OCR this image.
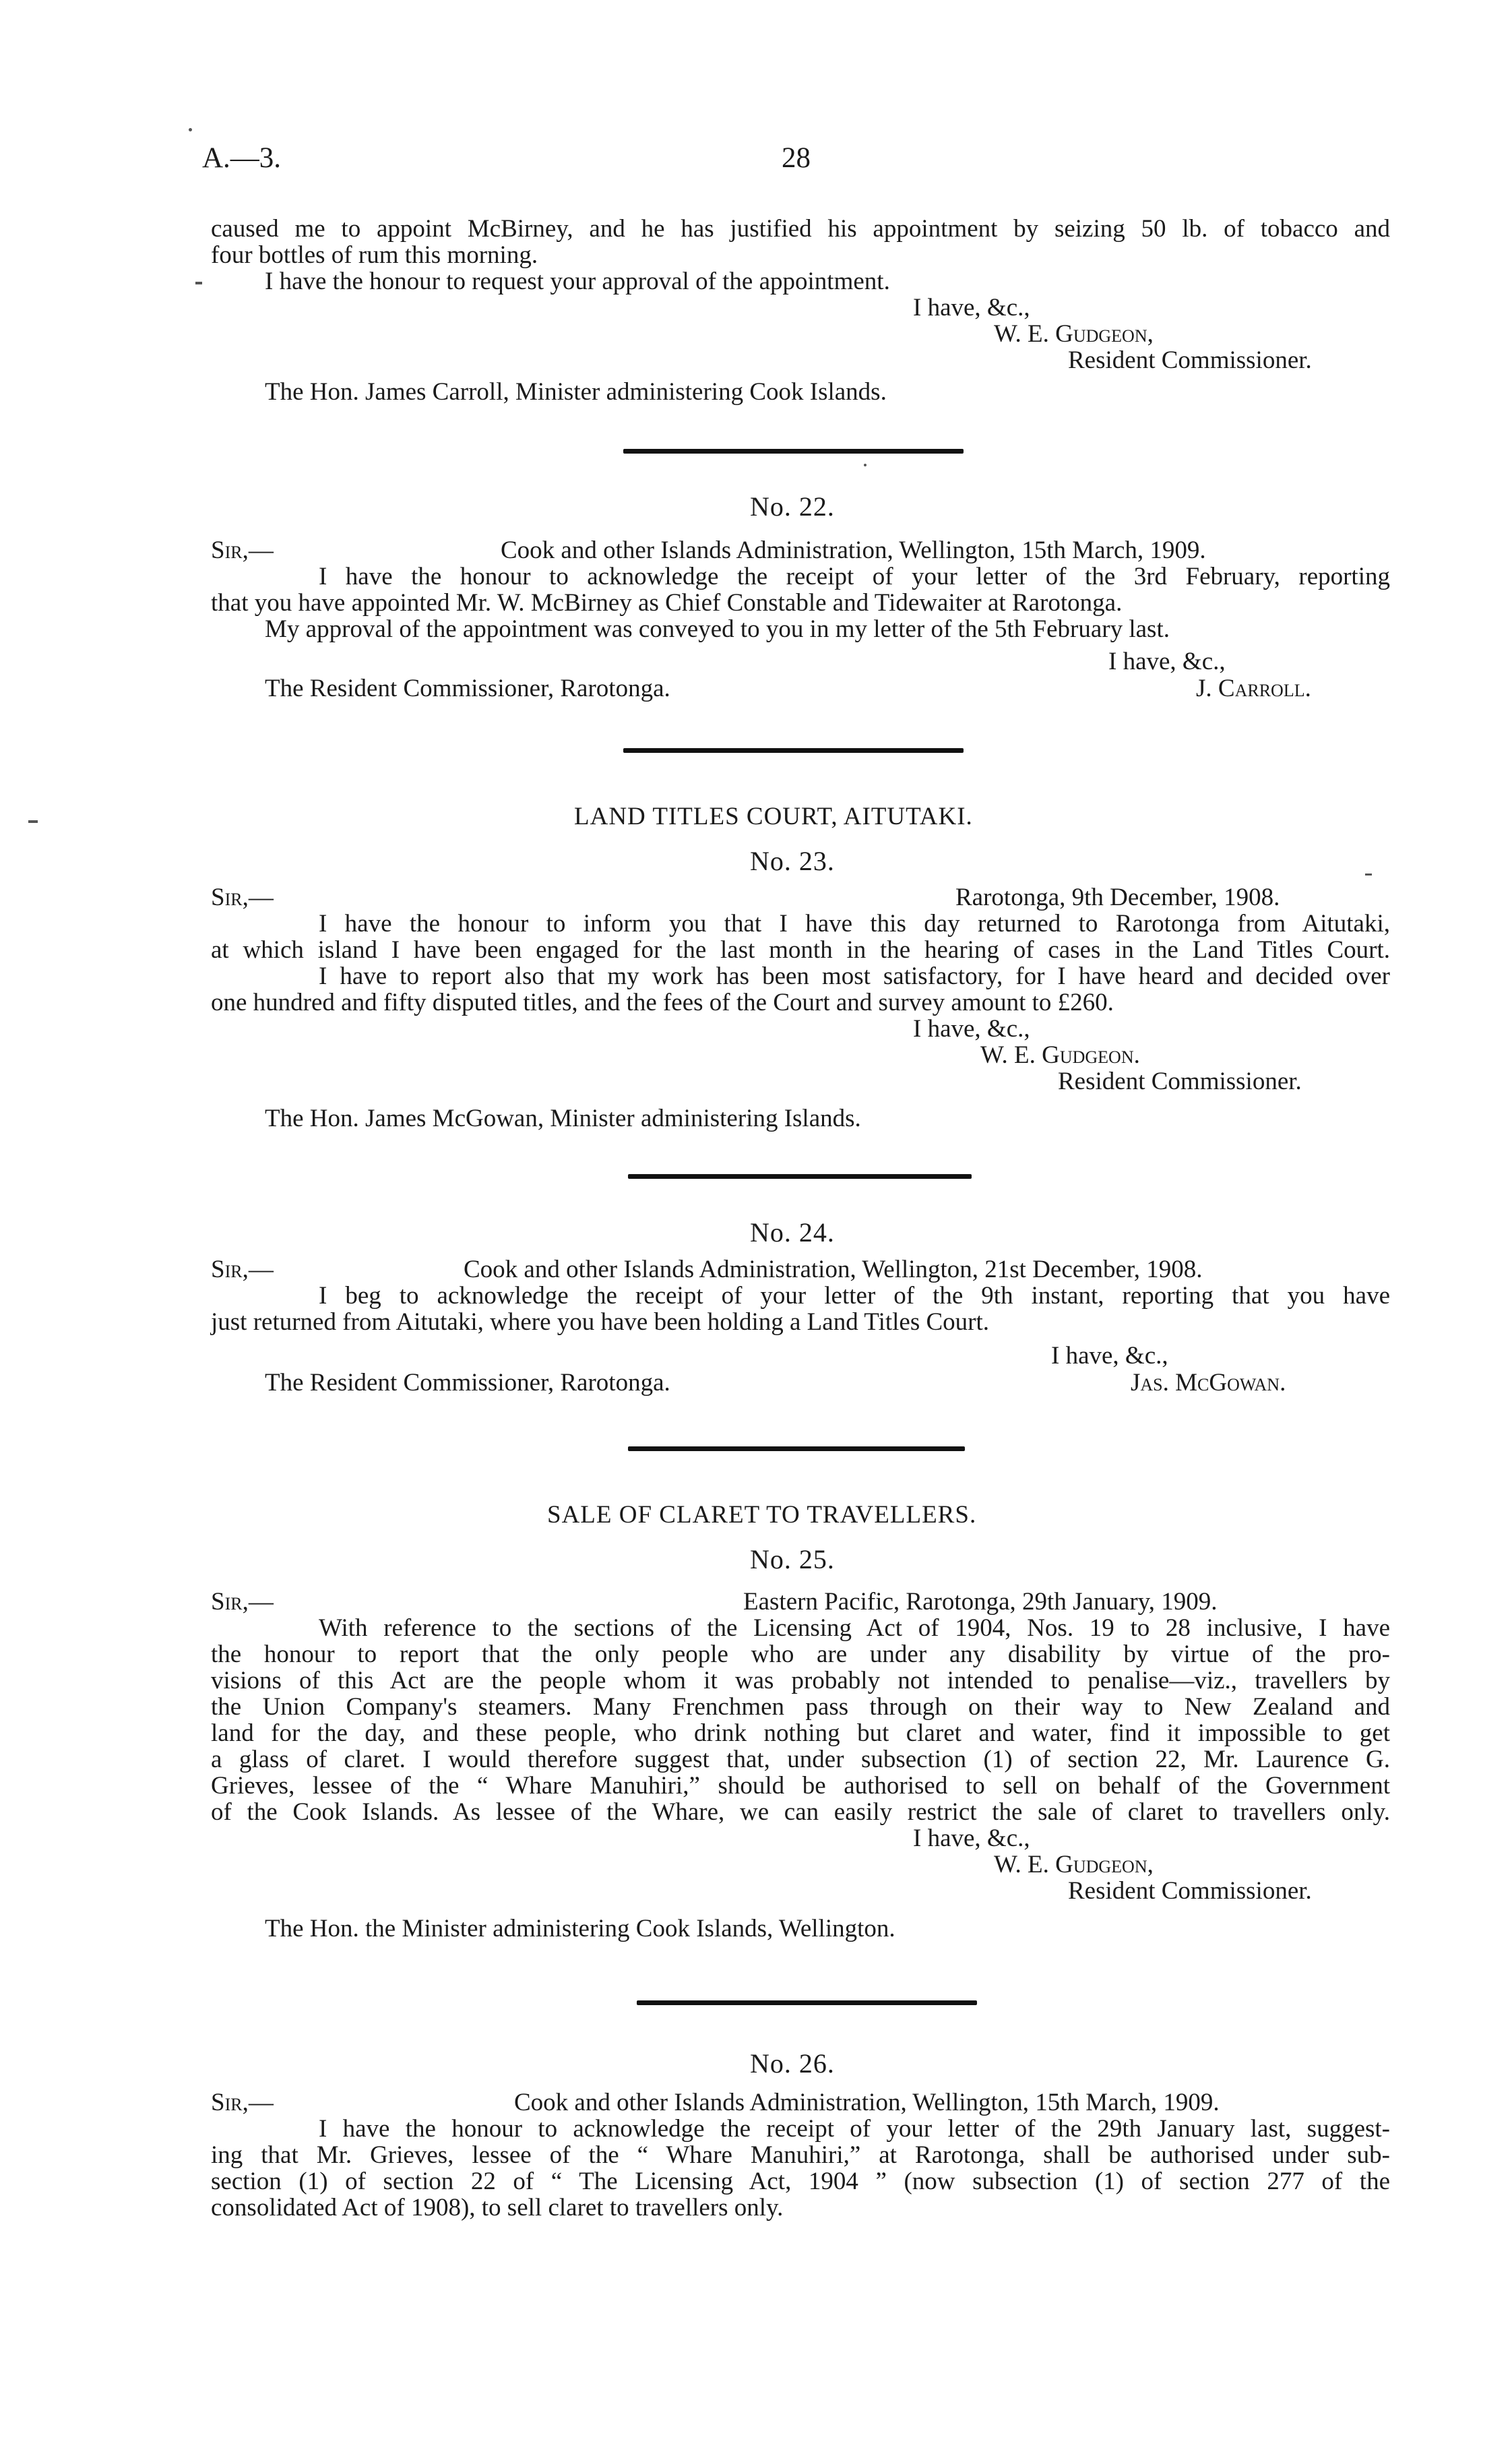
A.—3.	28
caused me to appoint McBirney, and he has justified his appointment by seizing 50 lb. of tobacco and
four bottles of rum this morning.
I have the honour to request your approval of the appointment.
I have, &c.,
W. E. Gudgeon,
Resident Commissioner.
The Hon. James Carroll, Minister administering Cook Islands.
No. 22.
Sir,—	Cook and other Islands Administration, Wellington, 15th March, 1909.
I have the honour to acknowledge the receipt of your letter of the 3rd February, reporting
that you have appointed Mr. W. McBirney as Chief Constable and Tidewaiter at Rarotonga.
My approval of the appointment was conveyed to you in my letter of the 5th February last.
I have, &c.,
The Resident Commissioner, Rarotonga.	J. Carroll.
LAND TITLES COURT, AITUTAKI.
No. 23.
Sir,—	Rarotonga, 9th December, 1908.
I have the honour to inform you that I have this day returned to Rarotonga from Aitutaki,
at which island I have been engaged for the last month in the hearing of cases in the Land Titles Court.
I have to report also that my work has been most satisfactory, for I have heard and decided over
one hundred and fifty disputed titles, and the fees of the Court and survey amount to £260.
I have, &c.,
W. E. Gudgeon.
Resident Commissioner.
The Hon. James McGowan, Minister administering Islands.
No. 24.
Sir,—	Cook and other Islands Administration, Wellington, 21st December, 1908.
I beg to acknowledge the receipt of your letter of the 9th instant, reporting that you have
just returned from Aitutaki, where you have been holding a Land Titles Court.
I have, &c.,
The Resident Commissioner, Rarotonga.	Jas. McGowan.
SALE OF CLARET TO TRAVELLERS.
No. 25.
Sir,—	Eastern Pacific, Rarotonga, 29th January, 1909.
With reference to the sections of the Licensing Act of 1904, Nos. 19 to 28 inclusive, I have
the honour to report that the only people who are under any disability by virtue of the pro-
visions of this Act are the people whom it was probably not intended to penalise—viz., travellers by
the Union Company's steamers. Many Frenchmen pass through on their way to New Zealand and
land for the day, and these people, who drink nothing but claret and water, find it impossible to get
a glass of claret. I would therefore suggest that, under subsection (1) of section 22, Mr. Laurence G.
Grieves, lessee of the “ Whare Manuhiri,” should be authorised to sell on behalf of the Government
of the Cook Islands. As lessee of the Whare, we can easily restrict the sale of claret to travellers only.
I have, &c.,
W. E. Gudgeon,
Resident Commissioner.
The Hon. the Minister administering Cook Islands, Wellington.
No. 26.
Sir,—	Cook and other Islands Administration, Wellington, 15th March, 1909.
I have the honour to acknowledge the receipt of your letter of the 29th January last, suggest-
ing that Mr. Grieves, lessee of the “ Whare Manuhiri,” at Rarotonga, shall be authorised under sub-
section (1) of section 22 of “ The Licensing Act, 1904 ” (now subsection (1) of section 277 of the
consolidated Act of 1908), to sell claret to travellers only.
